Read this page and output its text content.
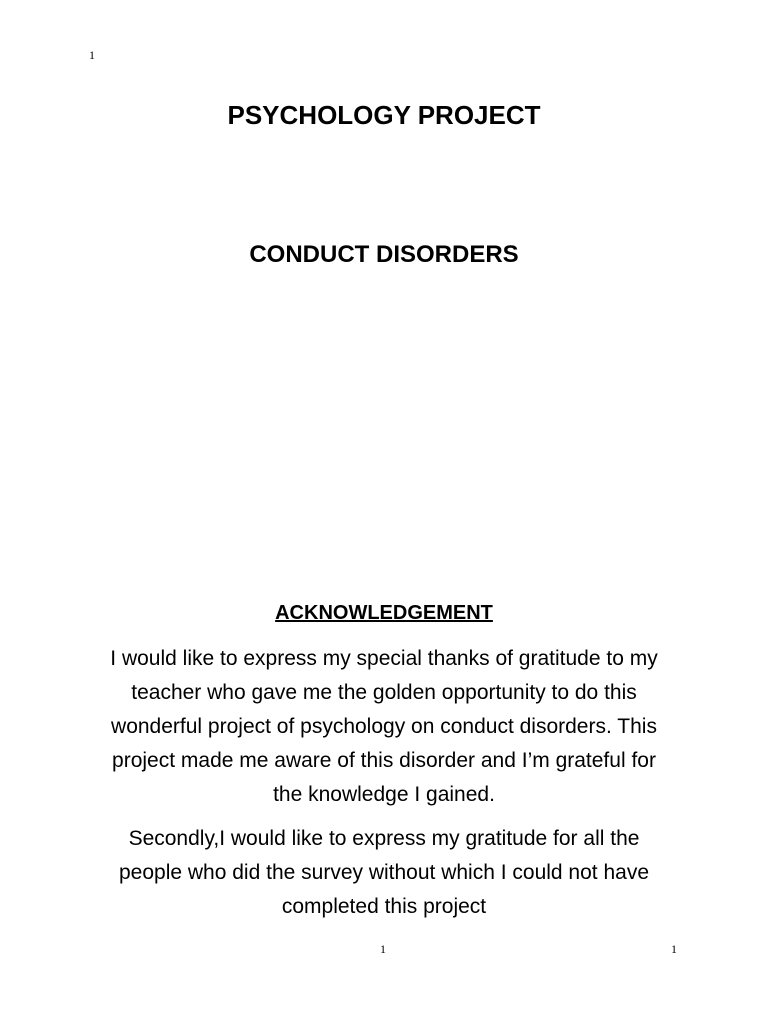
1
PSYCHOLOGY PROJECT
CONDUCT DISORDERS
ACKNOWLEDGEMENT

I would like to express my special thanks of gratitude to my teacher who gave me the golden opportunity to do this wonderful project of psychology on conduct disorders. This project made me aware of this disorder and I’m grateful for the knowledge I gained.

Secondly,I would like to express my gratitude for all the people who did the survey without which I could not have completed this project

1	1
